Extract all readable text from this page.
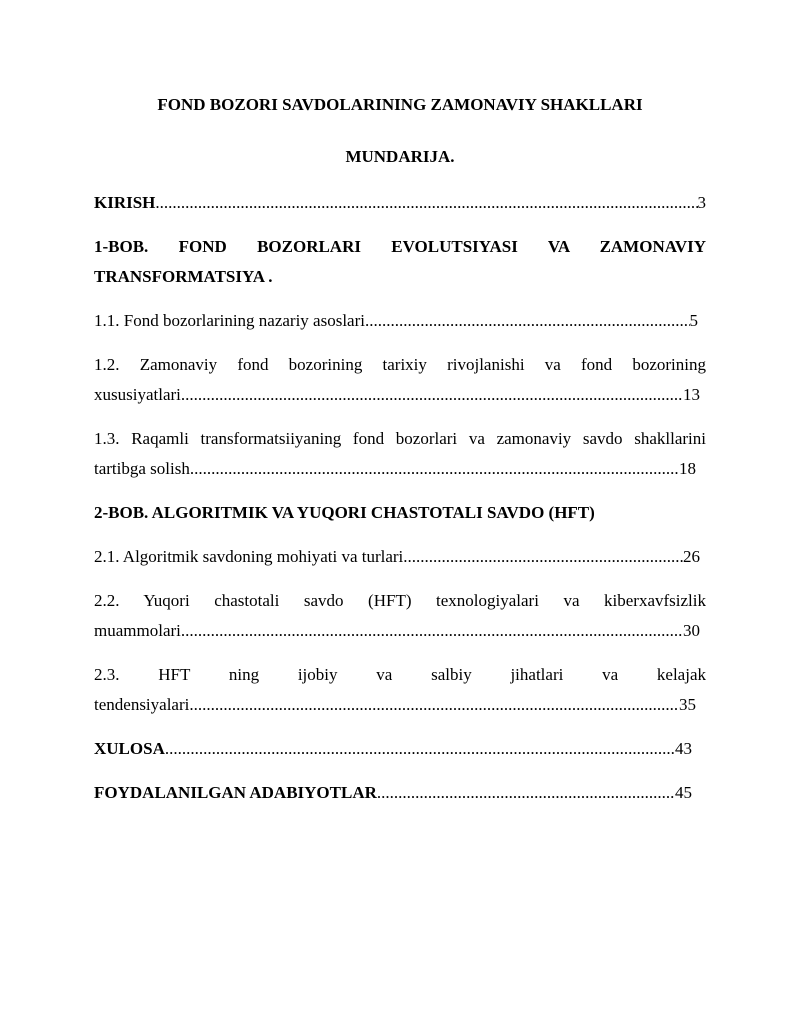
FOND BOZORI SAVDOLARINING ZAMONAVIY SHAKLLARI

MUNDARIJA.

KIRISH .....	3
1-BOB. FOND BOZORLARI EVOLUTSIYASI VA ZAMONAVIY
TRANSFORMATSIYA .
1.1. Fond bozorlarining nazariy asoslari .....	5
1.2. Zamonaviy fond bozorining tarixiy rivojlanishi va fond bozorining
xususiyatlari .....	13
1.3. Raqamli transformatsiiyaning fond bozorlari va zamonaviy savdo shakllarini
tartibga solish .....	18
2-BOB. ALGORITMIK VA YUQORI CHASTOTALI SAVDO (HFT)
2.1. Algoritmik savdoning mohiyati va turlari .....	26
2.2. Yuqori chastotali savdo (HFT) texnologiyalari va kiberxavfsizlik
muammolari .....	30
2.3. HFT ning ijobiy va salbiy jihatlari va kelajak
tendensiyalari .....	35
XULOSA .....	43
FOYDALANILGAN ADABIYOTLAR .....	45
